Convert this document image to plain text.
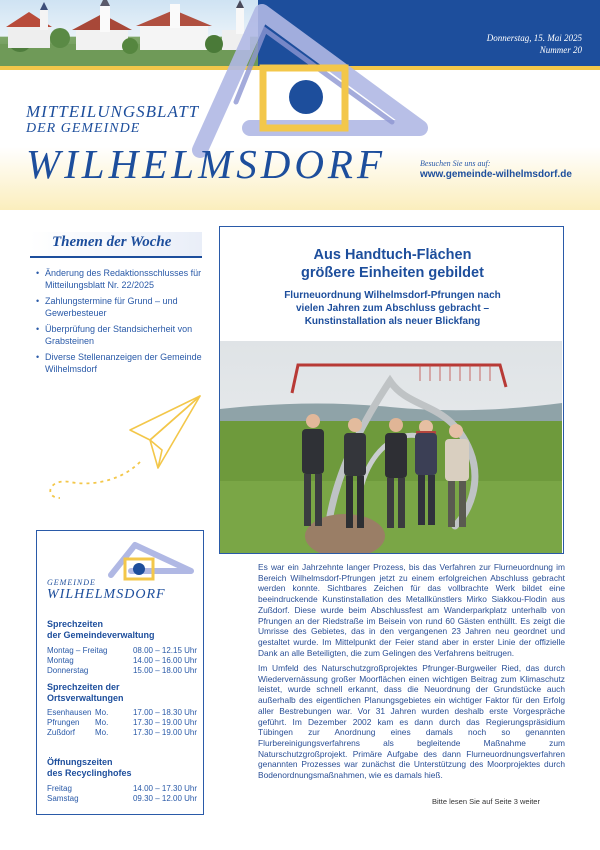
Donnerstag, 15. Mai 2025
Nummer 20
MITTEILUNGSBLATT
DER GEMEINDE
WILHELMSDORF	Besuchen Sie uns auf:
www.gemeinde-wilhelmsdorf.de
Themen der Woche
• Änderung des Redaktionsschlusses für Mitteilungsblatt Nr. 22/2025
• Zahlungstermine für Grund – und Gewerbesteuer
• Überprüfung der Standsicherheit von Grabsteinen
• Diverse Stellenanzeigen der Gemeinde Wilhelmsdorf
GEMEINDE
WILHELMSDORF
Sprechzeiten
der Gemeindeverwaltung
Montag – Freitag	08.00 – 12.15 Uhr
Montag	14.00 – 16.00 Uhr
Donnerstag	15.00 – 18.00 Uhr
Sprechzeiten der
Ortsverwaltungen
Esenhausen Mo.	17.00 – 18.30 Uhr
Pfrungen Mo.	17.30 – 19.00 Uhr
Zußdorf Mo.	17.30 – 19.00 Uhr
Öffnungszeiten
des Recyclinghofes
Freitag	14.00 – 17.30 Uhr
Samstag	09.30 – 12.00 Uhr
Aus Handtuch-Flächen
größere Einheiten gebildet
Flurneuordnung Wilhelmsdorf-Pfrungen nach
vielen Jahren zum Abschluss gebracht –
Kunstinstallation als neuer Blickfang
Es war ein Jahrzehnte langer Prozess, bis das Verfahren zur Flurneuordnung im Bereich Wilhelmsdorf-Pfrungen jetzt zu einem erfolgreichen Abschluss gebracht werden konnte. Sichtbares Zeichen für das vollbrachte Werk bildet eine beeindruckende Kunstinstallation des Metallkünstlers Mirko Siakkou-Flodin aus Zußdorf. Diese wurde beim Abschlussfest am Wanderparkplatz unterhalb von Pfrungen an der Riedstraße im Beisein von rund 60 Gästen enthüllt. Es zeigt die Umrisse des Gebietes, das in den vergangenen 23 Jahren neu geordnet und gestaltet wurde. Im Mittelpunkt der Feier stand aber in erster Linie der offizielle Dank an alle Beteiligten, die zum Gelingen des Verfahrens beitrugen.
Im Umfeld des Naturschutzgroßprojektes Pfrunger-Burgweiler Ried, das durch Wiedervernässung großer Moorflächen einen wichtigen Beitrag zum Klimaschutz leistet, wurde schnell erkannt, dass die Neuordnung der Grundstücke auch außerhalb des eigentlichen Planungsgebietes ein wichtiger Faktor für den Erfolg aller Bestrebungen war. Vor 31 Jahren wurden deshalb erste Vorgespräche geführt. Im Dezember 2002 kam es dann durch das Regierungspräsidium Tübingen zur Anordnung eines damals noch so genannten Flurbereinigungsverfahrens als begleitende Maßnahme zum Naturschutzgroßprojekt. Primäre Aufgabe des dann Flurneuordnungsverfahren genannten Prozesses war zunächst die Unterstützung des Moorprojektes durch Bodenordnungsmaßnahmen, wie es damals hieß.
Bitte lesen Sie auf Seite 3 weiter
